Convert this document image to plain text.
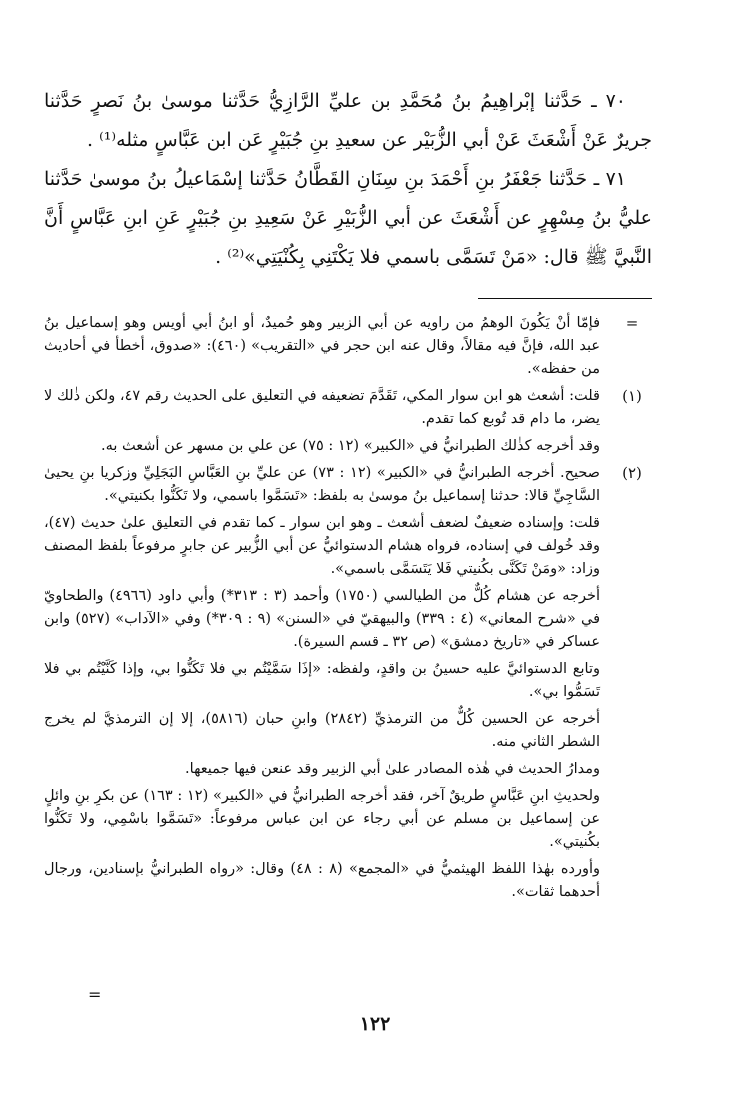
٧٠ ـ حَدَّثنا إبْراهِيمُ بنُ مُحَمَّدِ بن عليِّ الرَّازِيُّ حَدَّثنا موسىٰ بنُ نَصرٍ حَدَّثنا جريرٌ عَنْ أَشْعَثَ عَنْ أبي الزُّبَيْر عن سعيدِ بنِ جُبَيْرٍ عَن ابن عَبَّاسٍ مثله⁽¹⁾ .

٧١ ـ حَدَّثنا جَعْفَرُ بنِ أَحْمَدَ بنِ سِنَانِ القَطَّانُ حَدَّثنا إسْمَاعيلُ بنُ موسىٰ حَدَّثنا عليُّ بنُ مِسْهِرٍ عن أَشْعَثَ عن أبي الزُّبَيْرِ عَنْ سَعِيدِ بنِ جُبَيْرٍ عَنِ ابنِ عَبَّاسٍ أَنَّ النَّبيَّ ﷺ قال: «مَنْ تَسَمَّى باسمي فلا يَكْتَنِي بِكُنْيَتِي»⁽²⁾ .

=

فإمّا أنْ يَكُونَ الوهمُ من راويه عن أبي الزبير وهو حُميدٌ، أو ابنُ أبي أويس وهو إسماعيل بنُ عبد الله، فإنَّ فيه مقالاً، وقال عنه ابن حجر في «التقريب» (٤٦٠): «صدوق، أخطأ في أحاديث من حفظه».

(١)

قلت: أشعث هو ابن سوار المكي، تَقَدَّمَ تضعيفه في التعليق على الحديث رقم ٤٧، ولكن ذٰلك لا يضر، ما دام قد تُوبع كما تقدم.

وقد أخرجه كذٰلك الطبرانيُّ في «الكبير» (١٢ : ٧٥) عن علي بن مسهر عن أشعث به.

(٢)

صحيح. أخرجه الطبرانيُّ في «الكبير» (١٢ : ٧٣) عن عليِّ بنِ العَبَّاسِ البَجَلِيِّ وزكريا بنِ يحيىٰ السَّاجِيِّ قالا: حدثنا إسماعيل بنُ موسىٰ به بلفظ: «تَسَمَّوا باسمي، ولا تَكَنُّوا بكنيتي».

قلت: وإسناده ضعيفٌ لضعف أشعث ـ وهو ابن سوار ـ كما تقدم في التعليق علىٰ حديث (٤٧)، وقد خُولف في إسناده، فرواه هشام الدستوائيُّ عن أبي الزُّبير عن جابرٍ مرفوعاً بلفظ المصنف وزاد: «ومَنْ تَكَنَّى بكُنيتي فَلا يَتَسَمَّى باسمي».

أخرجه عن هشام كُلٌّ من الطيالسي (١٧٥٠) وأحمد (٣ : ٣١٣*) وأبي داود (٤٩٦٦) والطحاويّ في «شرح المعاني» (٤ : ٣٣٩) والبيهقيّ في «السنن» (٩ : ٣٠٩*) وفي «الآداب» (٥٢٧) وابن عساكر في «تاريخ دمشق» (ص ٣٢ ـ قسم السيرة).

وتابع الدستوائيَّ عليه حسينُ بن واقدٍ، ولفظه: «إذَا سَمَّيْتُم بي فلا تَكَنُّوا بي، وإذا كَنَّيْتُم بي فلا تَسَمُّوا بي».

أخرجه عن الحسين كُلٌّ من الترمذيِّ (٢٨٤٢) وابنِ حبان (٥٨١٦)، إلا إن الترمذيَّ لم يخرج الشطر الثاني منه.

ومدارُ الحديث في هٰذه المصادر علىٰ أبي الزبير وقد عنعن فيها جميعها.

ولحديثِ ابنِ عَبَّاسٍ طريقٌ آخر، فقد أخرجه الطبرانيُّ في «الكبير» (١٢ : ١٦٣) عن بكرِ بنِ وائلٍ عن إسماعيل بن مسلم عن أبي رجاء عن ابن عباس مرفوعاً: «تَسَمَّوا باسْمِي، ولا تَكَنُّوا بكُنيتي».

وأورده بهٰذا اللفظ الهيثميُّ في «المجمع» (٨ : ٤٨) وقال: «رواه الطبرانيُّ بإسنادين، ورجال أحدهما ثقات».

=
١٢٢
